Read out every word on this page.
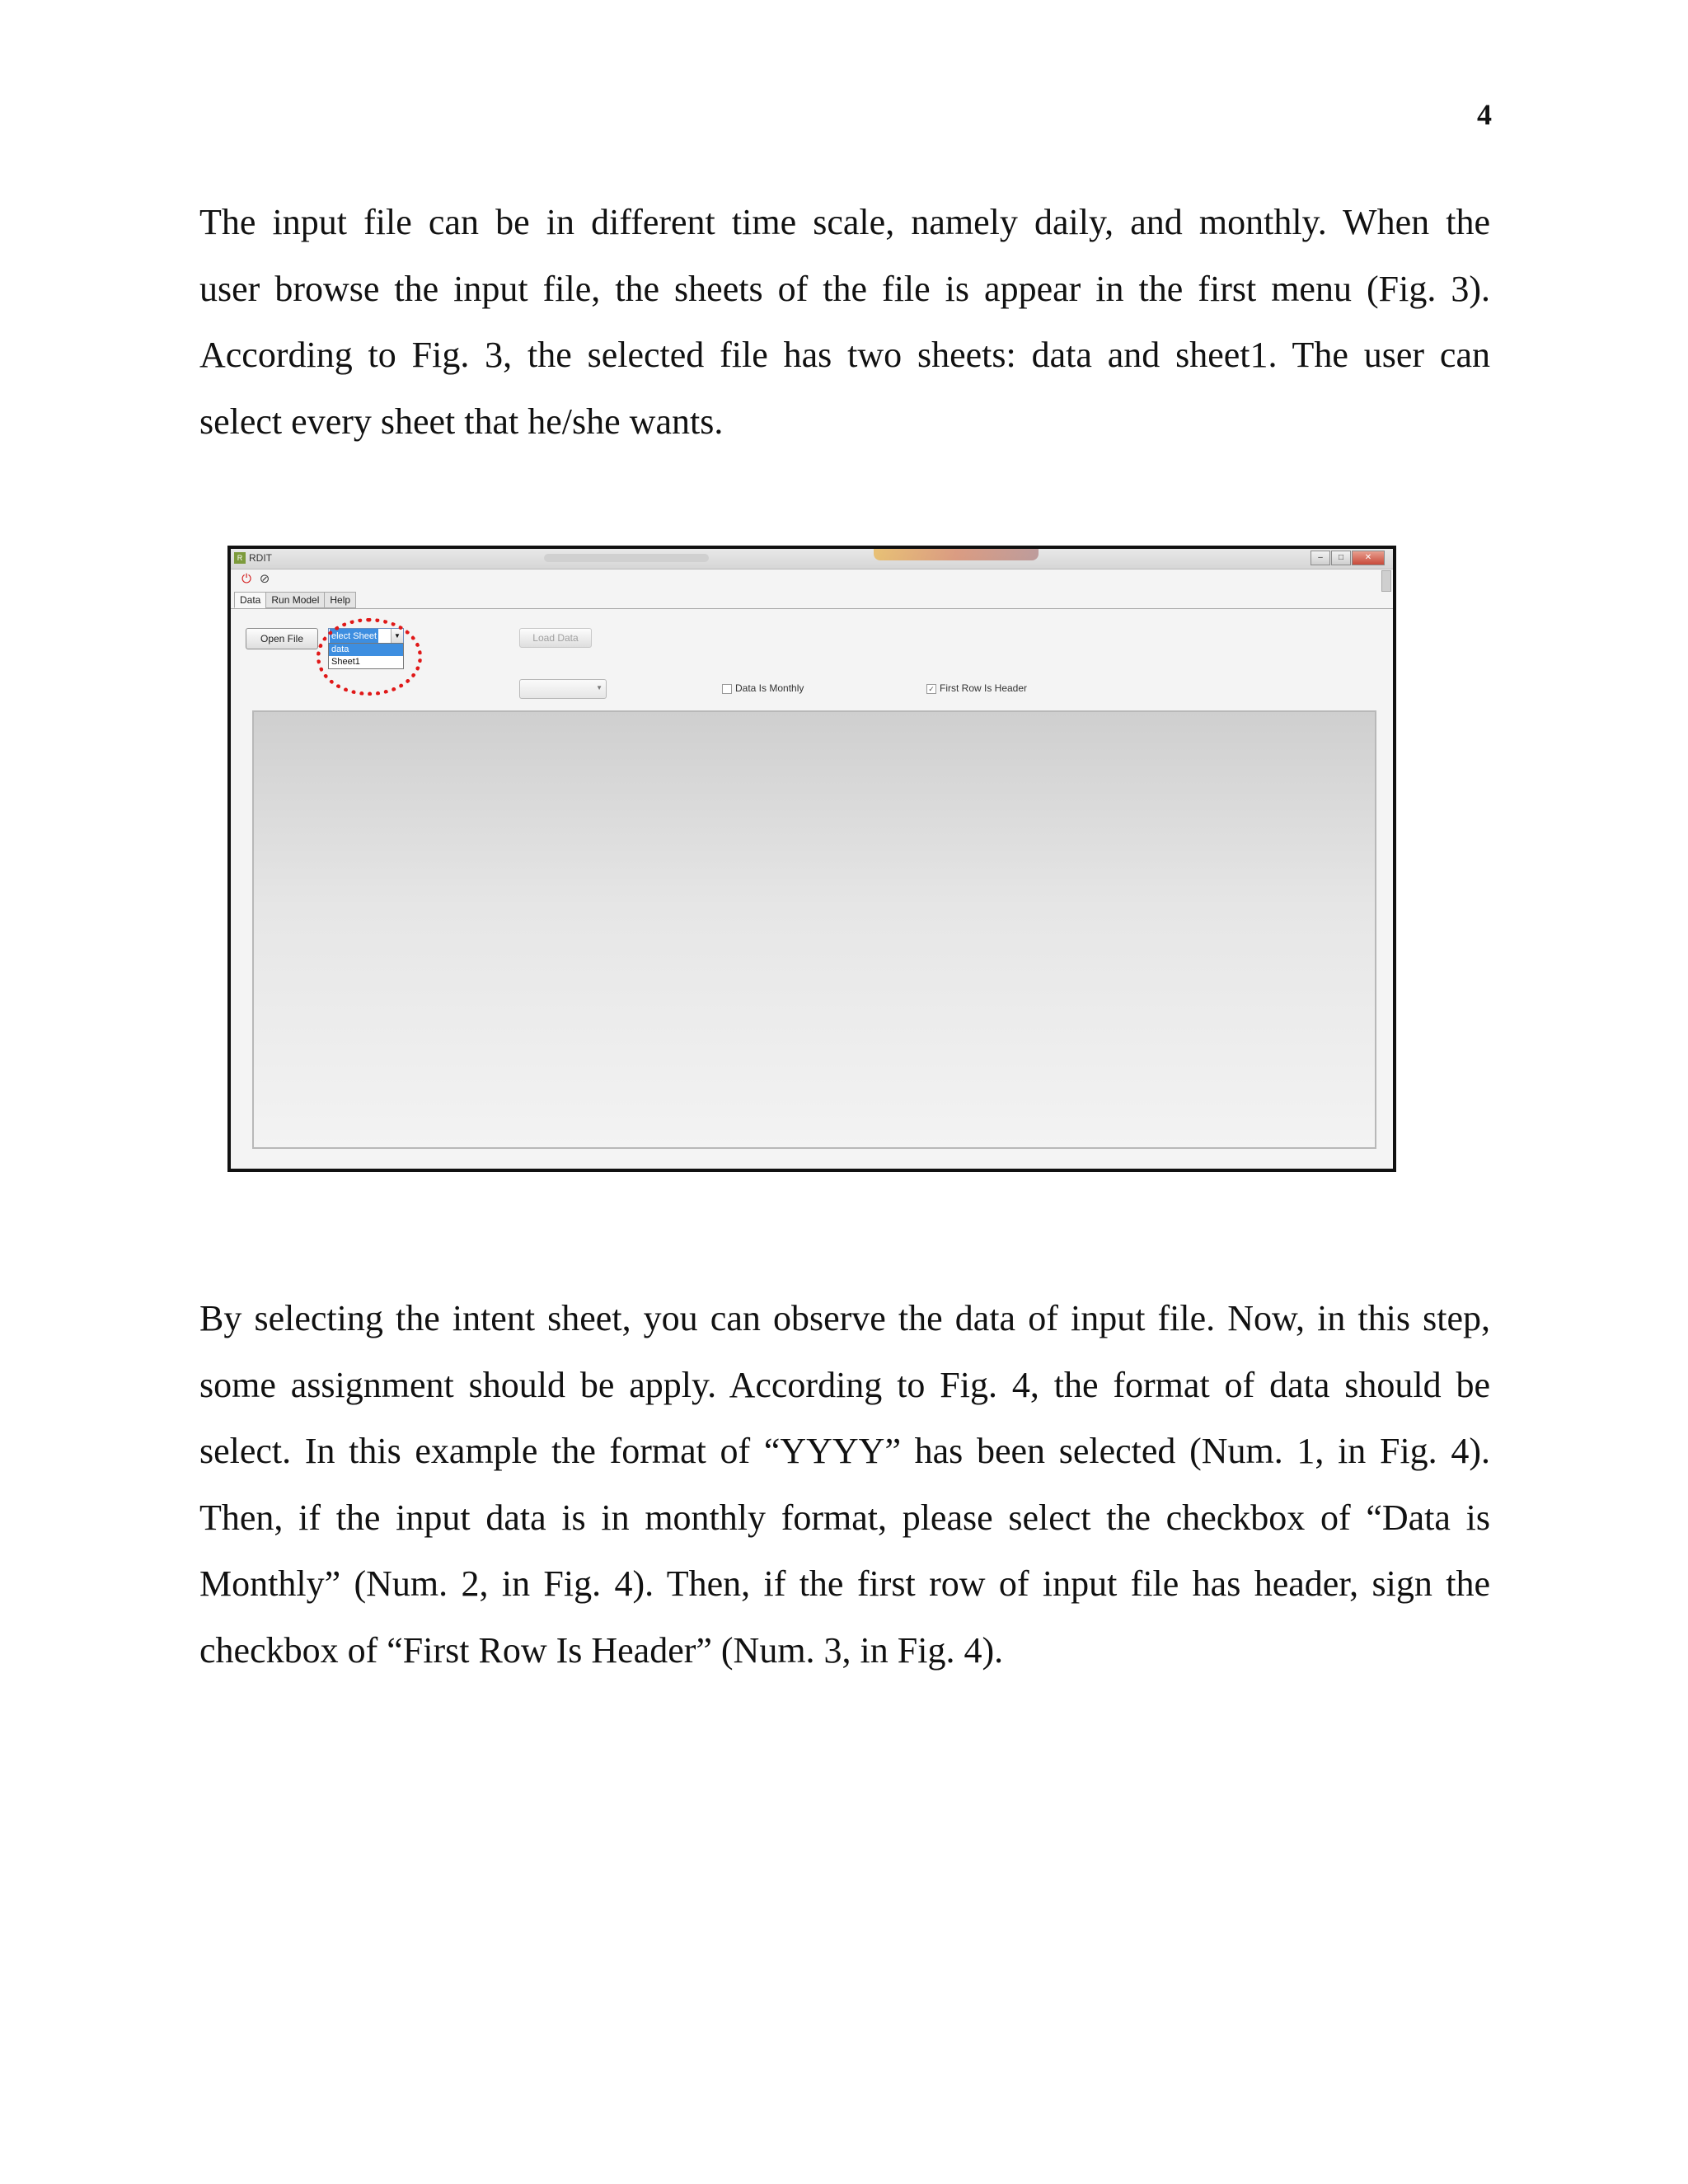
4

The input file can be in different time scale, namely daily, and monthly. When the
user browse the input file, the sheets of the file is appear in the first menu (Fig. 3).
According to Fig. 3, the selected file has two sheets: data and sheet1. The user can
select every sheet that he/she wants.

R RDIT	–	□	✕
⏻ ⊘
Data	Run Model	Help
Open File	elect Sheet	▼
data
Sheet1
Load Data
▼	Data Is Monthly	✓ First Row Is Header

By selecting the intent sheet, you can observe the data of input file. Now, in this step,
some assignment should be apply. According to Fig. 4, the format of data should be
select. In this example the format of “YYYY” has been selected (Num. 1, in Fig. 4).
Then, if the input data is in monthly format, please select the checkbox of “Data is
Monthly” (Num. 2, in Fig. 4). Then, if the first row of input file has header, sign the
checkbox of “First Row Is Header” (Num. 3, in Fig. 4).
